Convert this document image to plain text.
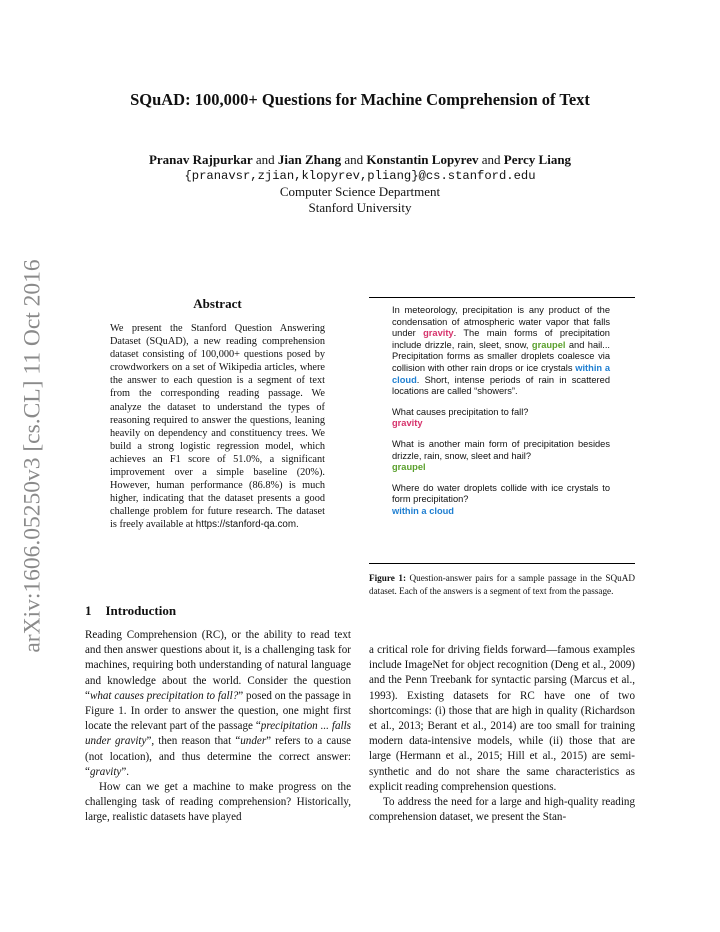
arXiv:1606.05250v3 [cs.CL] 11 Oct 2016
SQuAD: 100,000+ Questions for Machine Comprehension of Text
Pranav Rajpurkar and Jian Zhang and Konstantin Lopyrev and Percy Liang
{pranavsr,zjian,klopyrev,pliang}@cs.stanford.edu
Computer Science Department
Stanford University
Abstract
We present the Stanford Question Answering Dataset (SQuAD), a new reading comprehension dataset consisting of 100,000+ questions posed by crowdworkers on a set of Wikipedia articles, where the answer to each question is a segment of text from the corresponding reading passage. We analyze the dataset to understand the types of reasoning required to answer the questions, leaning heavily on dependency and constituency trees. We build a strong logistic regression model, which achieves an F1 score of 51.0%, a significant improvement over a simple baseline (20%). However, human performance (86.8%) is much higher, indicating that the dataset presents a good challenge problem for future research. The dataset is freely available at https://stanford-qa.com.

In meteorology, precipitation is any product of the condensation of atmospheric water vapor that falls under gravity. The main forms of precipitation include drizzle, rain, sleet, snow, graupel and hail... Precipitation forms as smaller droplets coalesce via collision with other rain drops or ice crystals within a cloud. Short, intense periods of rain in scattered locations are called “showers”.

What causes precipitation to fall?

gravity

What is another main form of precipitation besides drizzle, rain, snow, sleet and hail?

graupel

Where do water droplets collide with ice crystals to form precipitation?

within a cloud

Figure 1: Question-answer pairs for a sample passage in the SQuAD dataset. Each of the answers is a segment of text from the passage.
1 Introduction

Reading Comprehension (RC), or the ability to read text and then answer questions about it, is a challenging task for machines, requiring both understanding of natural language and knowledge about the world. Consider the question “what causes precipitation to fall?” posed on the passage in Figure 1. In order to answer the question, one might first locate the relevant part of the passage “precipitation ... falls under gravity”, then reason that “under” refers to a cause (not location), and thus determine the correct answer: “gravity”.

How can we get a machine to make progress on the challenging task of reading comprehension? Historically, large, realistic datasets have played

a critical role for driving fields forward—famous examples include ImageNet for object recognition (Deng et al., 2009) and the Penn Treebank for syntactic parsing (Marcus et al., 1993). Existing datasets for RC have one of two shortcomings: (i) those that are high in quality (Richardson et al., 2013; Berant et al., 2014) are too small for training modern data-intensive models, while (ii) those that are large (Hermann et al., 2015; Hill et al., 2015) are semi-synthetic and do not share the same characteristics as explicit reading comprehension questions.

To address the need for a large and high-quality reading comprehension dataset, we present the Stan-
